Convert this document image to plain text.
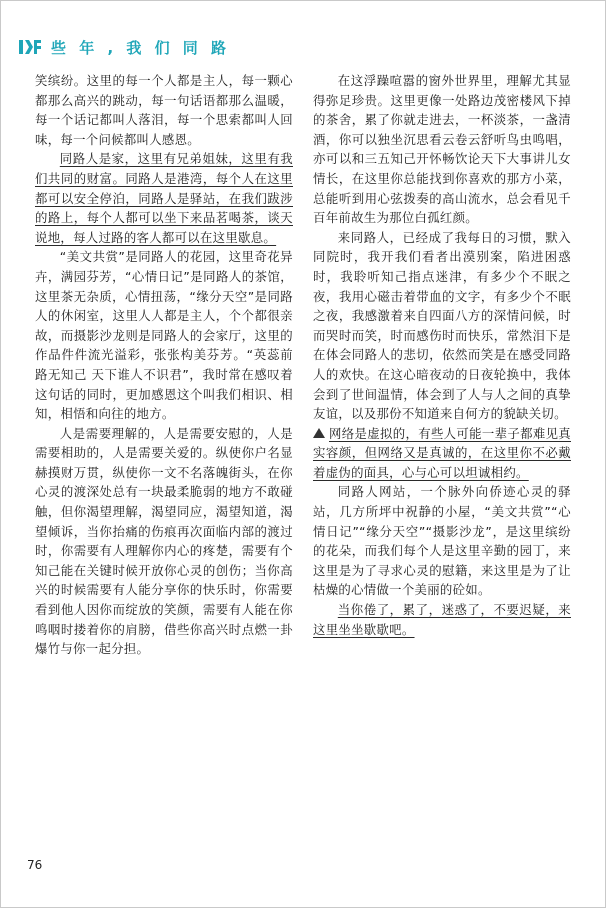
些 年 , 我 们 同 路

笑缤纷。这里的每一个人都是主人，每一颗心都那么高兴的跳动，每一句话语都那么温暖，每一个话记都叫人落泪，每一个思索都叫人回味，每一个问候都叫人感恩。

同路人是家，这里有兄弟姐妹，这里有我们共同的财富。同路人是港湾，每个人在这里都可以安全停泊，同路人是驿站，在我们跋涉的路上，每个人都可以坐下来品茗喝茶，谈天说地，每人过路的客人都可以在这里歇息。

“美文共赏”是同路人的花园，这里奇花异卉，满园芬芳，“心情日记”是同路人的茶馆，这里茶无杂质，心情扭荡，“缘分天空”是同路人的休闲室，这里人人都是主人，个个都很亲故，而摄影沙龙则是同路人的会家厅，这里的作品件件流光溢彩，张张构美芬芳。“英蕊前路无知己 天下谁人不识君”，我时常在感叹着这句话的同时，更加感恩这个叫我们相识、相知，相悟和向往的地方。

人是需要理解的，人是需要安慰的，人是需要相助的，人是需要关爱的。纵使你户名显赫摸财万贯，纵使你一文不名落魄街头，在你心灵的渡深处总有一块最柔脆弱的地方不敢碰触，但你渴望理解，渴望同应，渴望知道，渴望倾诉，当你抬痛的伤痕再次面临内部的渡过时，你需要有人理解你内心的疼楚，需要有个知己能在关键时候开放你心灵的创伤；当你高兴的时候需要有人能分享你的快乐时，你需要看到他人因你而绽放的笑颜，需要有人能在你鸣咽时搂着你的肩膀，借些你高兴时点燃一卦爆竹与你一起分担。

在这浮躁喧嚣的窗外世界里，理解尤其显得弥足珍贵。这里更像一处路边茂密楼风下掉的茶舍，累了你就走进去，一杯淡茶，一盏清酒，你可以独坐沉思看云卷云舒听鸟虫鸣唱，亦可以和三五知己开怀畅饮论天下大事讲儿女情长，在这里你总能找到你喜欢的那方小菜，总能听到用心弦拨奏的高山流水，总会看见千百年前故生为那位白孤红颜。

来同路人，已经成了我每日的习惯，默入同院时，我开我们看者出漠别案，陷进困惑时，我聆听知己指点迷津，有多少个不眠之夜，我用心磁击着带血的文字，有多少个不眠之夜，我感激着来自四面八方的深情问候，时而哭时而笑，时而感伤时而快乐，常然泪下是在体会同路人的悲切，依然而笑是在感受同路人的欢快。在这心暗夜动的日夜轮换中，我体会到了世间温情，体会到了人与人之间的真挚友谊，以及那份不知道来自何方的貌缺关切。

网络是虚拟的，有些人可能一辈子都难见真实容颜，但网络又是真诚的，在这里你不必戴着虚伪的面具，心与心可以坦诚相约。

同路人网站，一个脉外向侨迹心灵的驿站，几方所坪中祝静的小屋，“美文共赏”“心情日记”“缘分天空”“摄影沙龙”，是这里缤纷的花朵，而我们每个人是这里辛勤的园丁，来这里是为了寻求心灵的慰籍，来这里是为了让枯燥的心情做一个美丽的砼如。

当你倦了，累了，迷惑了，不要迟疑，来这里坐坐歇歇吧。

76
